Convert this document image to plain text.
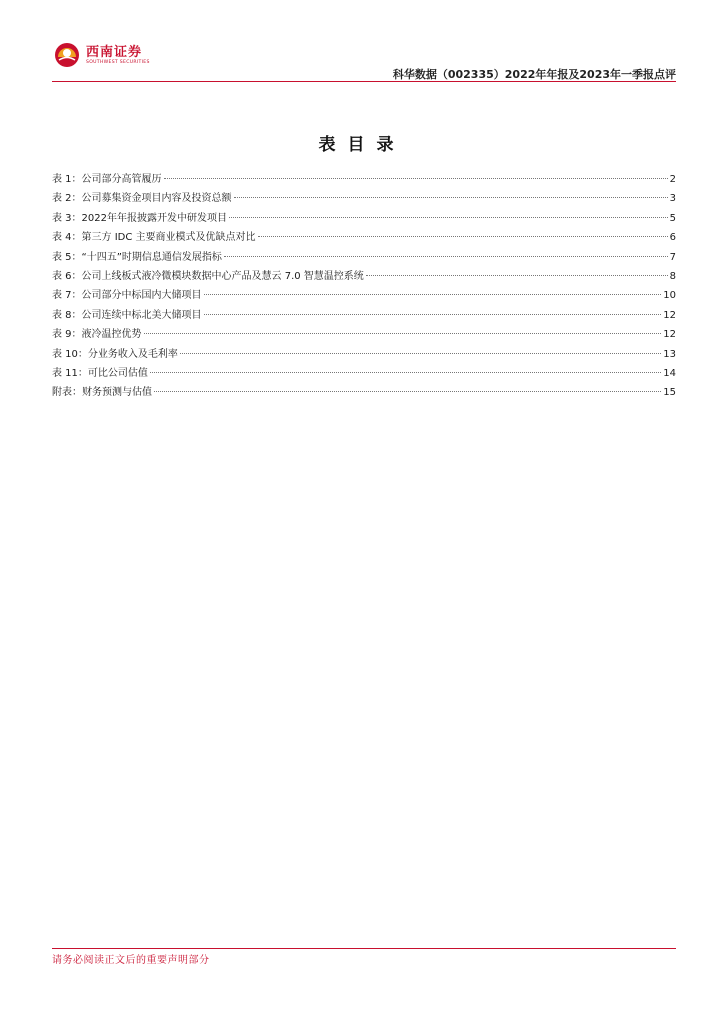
西南证券
SOUTHWEST SECURITIES
科华数据（002335）2022年年报及2023年一季报点评
表目录
表 1：公司部分高管履历	2
表 2：公司募集资金项目内容及投资总额	3
表 3：2022年年报披露开发中研发项目	5
表 4：第三方 IDC 主要商业模式及优缺点对比	6
表 5：“十四五”时期信息通信发展指标	7
表 6：公司上线板式液冷微模块数据中心产品及慧云 7.0 智慧温控系统	8
表 7：公司部分中标国内大储项目	10
表 8：公司连续中标北美大储项目	12
表 9：液冷温控优势	12
表 10：分业务收入及毛利率	13
表 11：可比公司估值	14
附表：财务预测与估值	15
请务必阅读正文后的重要声明部分
